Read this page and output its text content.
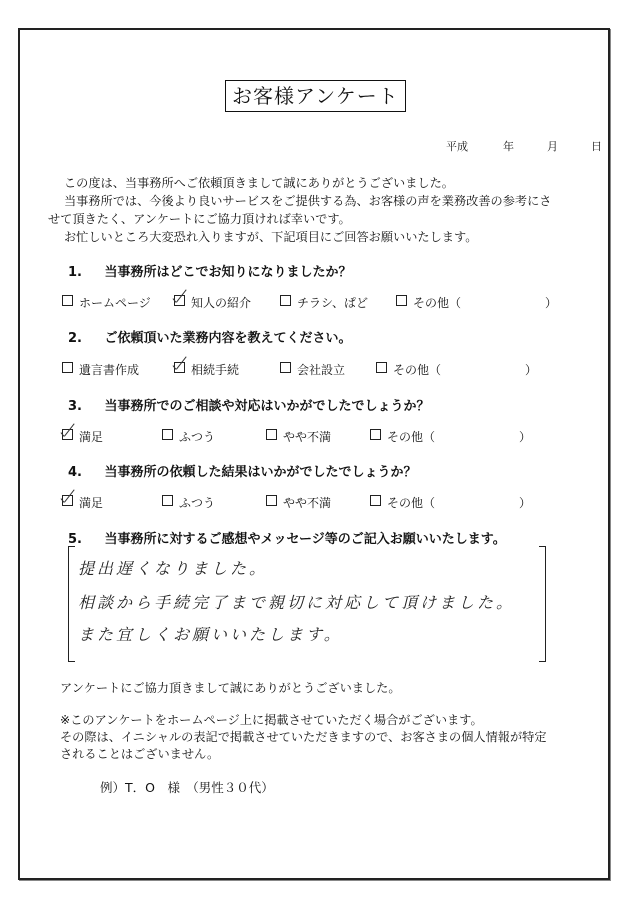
お客様アンケート
平成	年	月	日

この度は、当事務所へご依頼頂きまして誠にありがとうございました。

当事務所では、今後より良いサービスをご提供する為、お客様の声を業務改善の参考にさ

せて頂きたく、アンケートにご協力頂ければ幸いです。

お忙しいところ大変恐れ入りますが、下記項目にご回答お願いいたします。

1. 当事務所はどこでお知りになりましたか？
ホームページ	知人の紹介	チラシ、ぱど	その他（　　　　　　　）
2. ご依頼頂いた業務内容を教えてください。
遺言書作成	相続手続	会社設立	その他（　　　　　　　）
3. 当事務所でのご相談や対応はいかがでしたでしょうか？
満足	ふつう	やや不満	その他（　　　　　　　）
4. 当事務所の依頼した結果はいかがでしたでしょうか？
満足	ふつう	やや不満	その他（　　　　　　　）
5. 当事務所に対するご感想やメッセージ等のご記入お願いいたします。
提出遅くなりました。
相談から手続完了まで親切に対応して頂けました。
また宜しくお願いいたします。

アンケートにご協力頂きまして誠にありがとうございました。

※このアンケートをホームページ上に掲載させていただく場合がございます。

その際は、イニシャルの表記で掲載させていただきますので、お客さまの個人情報が特定

されることはございません。

例）T．O　様　（男性３０代）
